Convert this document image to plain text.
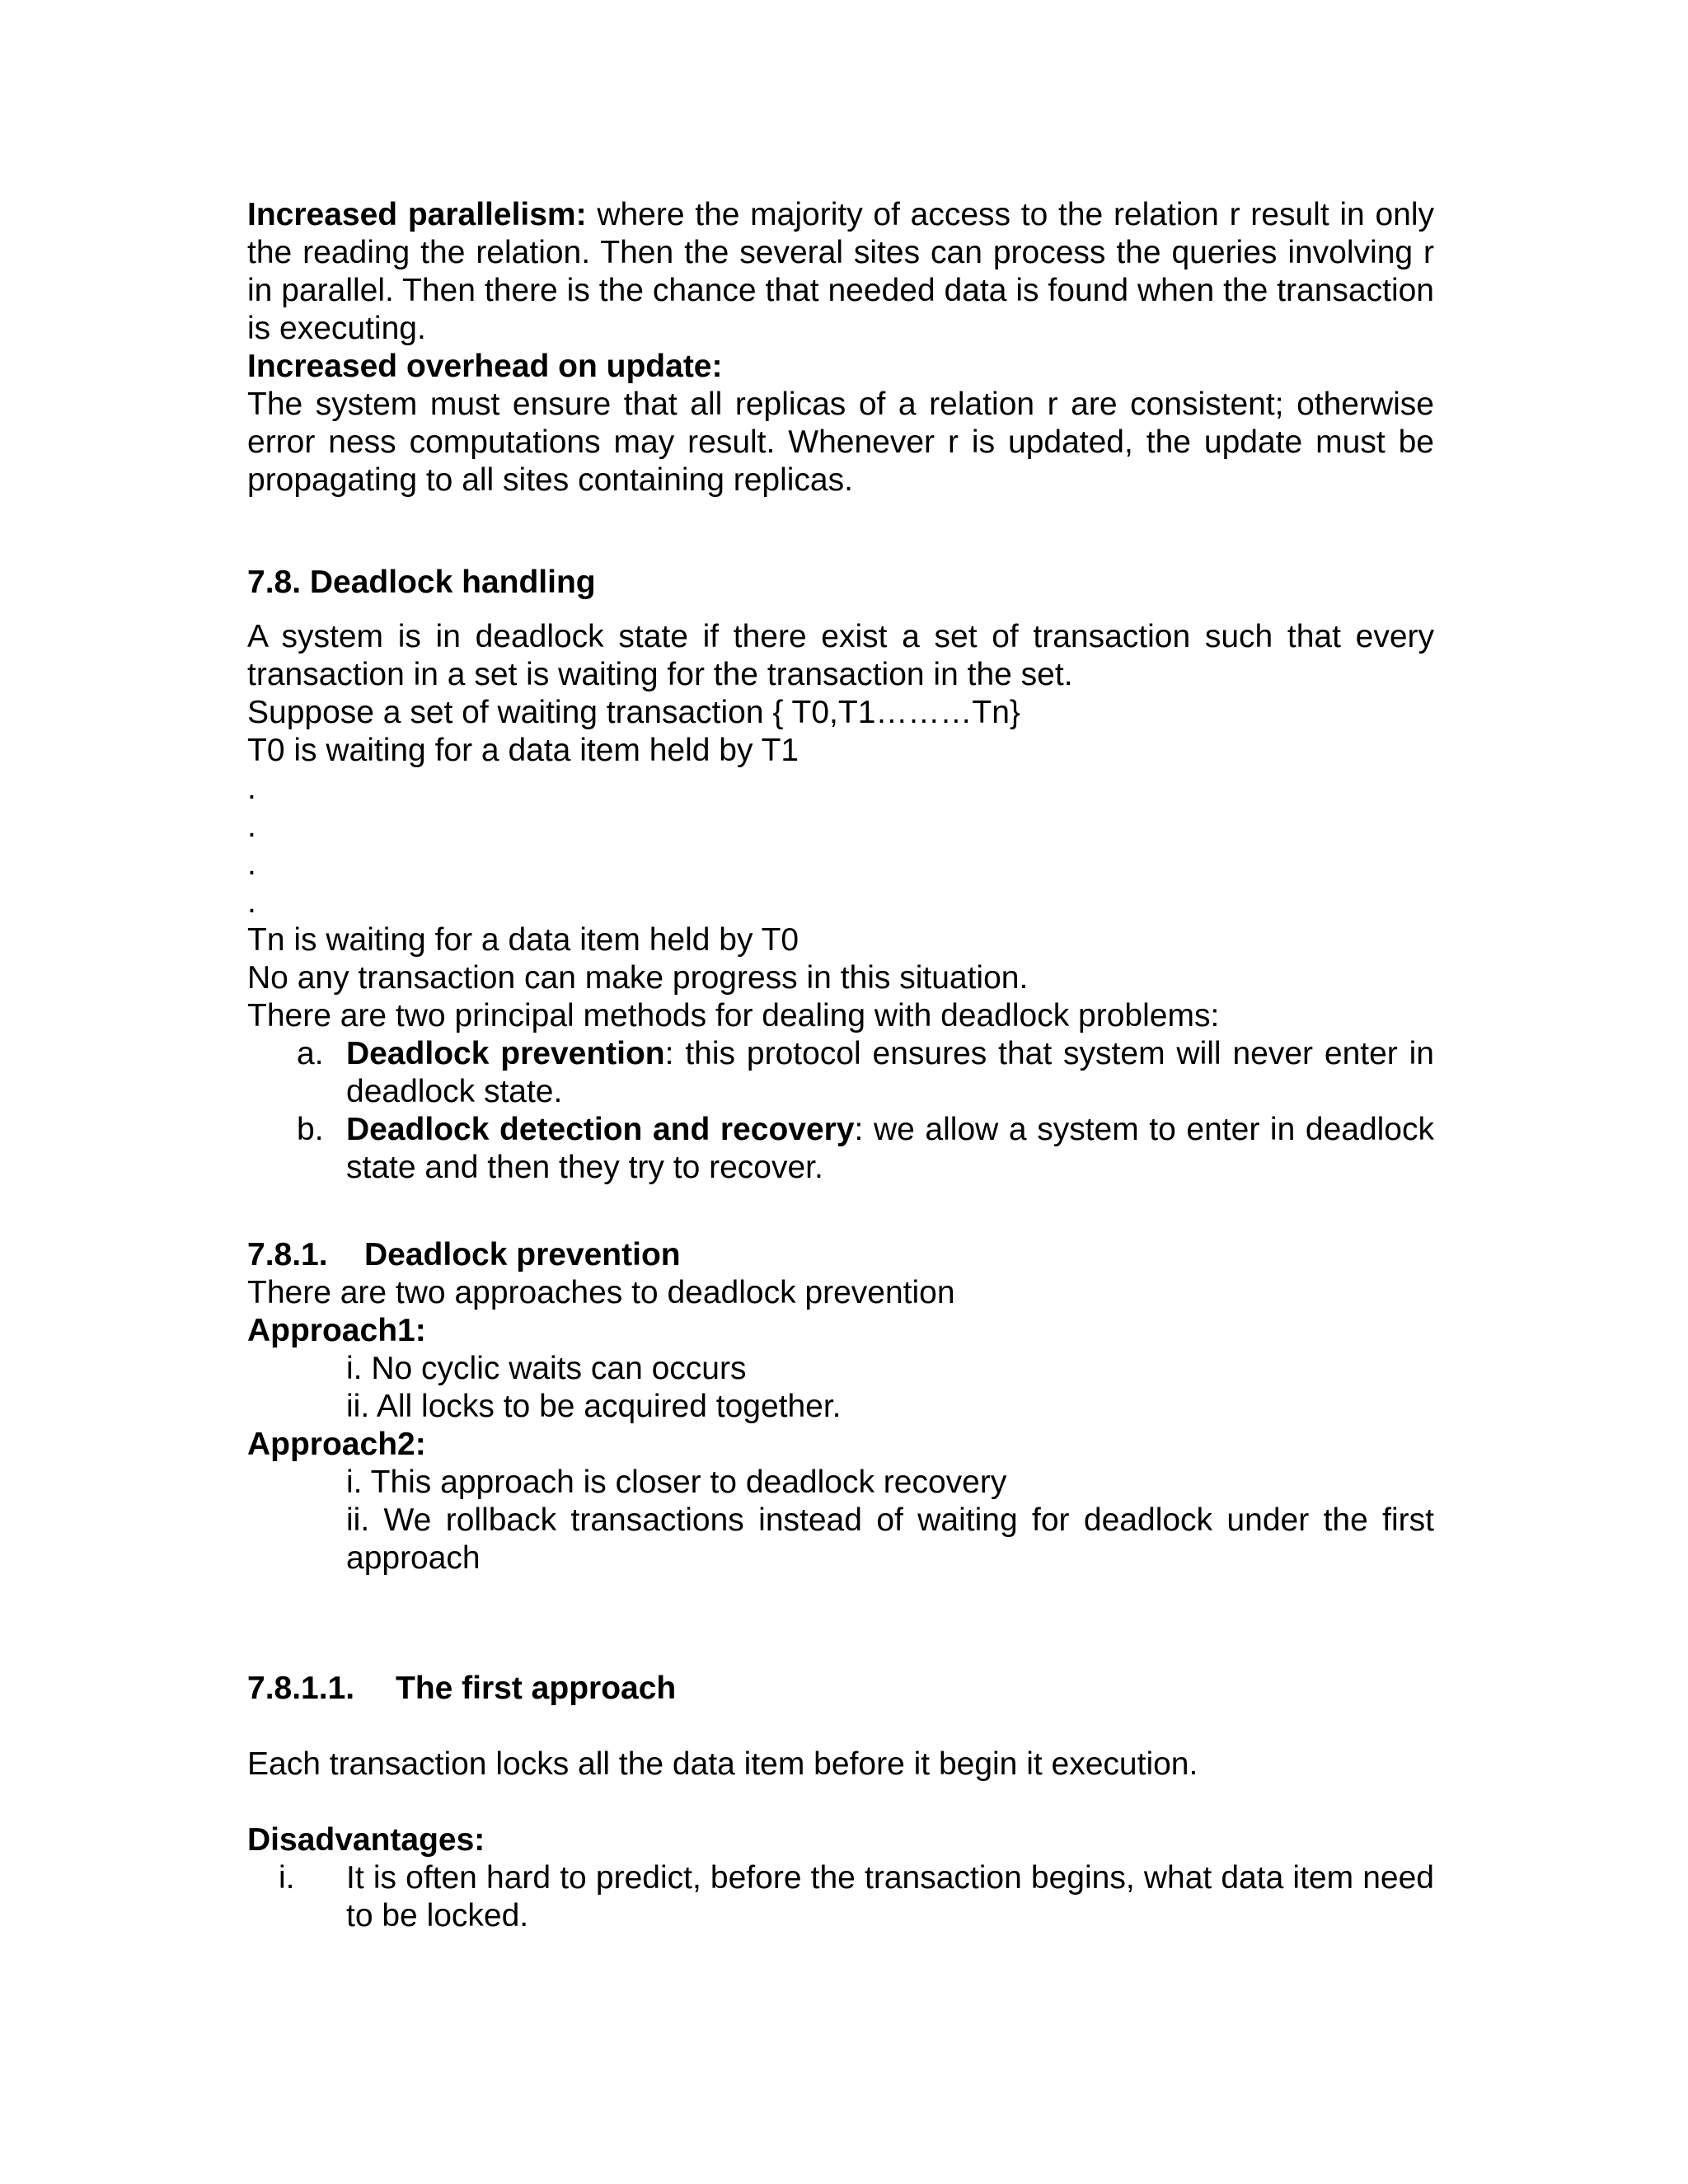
Increased parallelism: where the majority of access to the relation r result in only the reading the relation. Then the several sites can process the queries involving r in parallel. Then there is the chance that needed data is found when the transaction is executing.

Increased overhead on update:

The system must ensure that all replicas of a relation r are consistent; otherwise error ness computations may result. Whenever r is updated, the update must be propagating to all sites containing replicas.

7.8. Deadlock handling

A system is in deadlock state if there exist a set of transaction such that every transaction in a set is waiting for the transaction in the set.

Suppose a set of waiting transaction { T0,T1………Tn}

T0 is waiting for a data item held by T1

.

.

.

.

Tn is waiting for a data item held by T0

No any transaction can make progress in this situation.

There are two principal methods for dealing with deadlock problems:

a. Deadlock prevention: this protocol ensures that system will never enter in deadlock state.
b. Deadlock detection and recovery: we allow a system to enter in deadlock state and then they try to recover.

7.8.1. Deadlock prevention

There are two approaches to deadlock prevention

Approach1:

i. No cyclic waits can occurs

ii. All locks to be acquired together.

Approach2:

i. This approach is closer to deadlock recovery

ii. We rollback transactions instead of waiting for deadlock under the first approach

7.8.1.1. The first approach

Each transaction locks all the data item before it begin it execution.

Disadvantages:

i. It is often hard to predict, before the transaction begins, what data item need to be locked.
